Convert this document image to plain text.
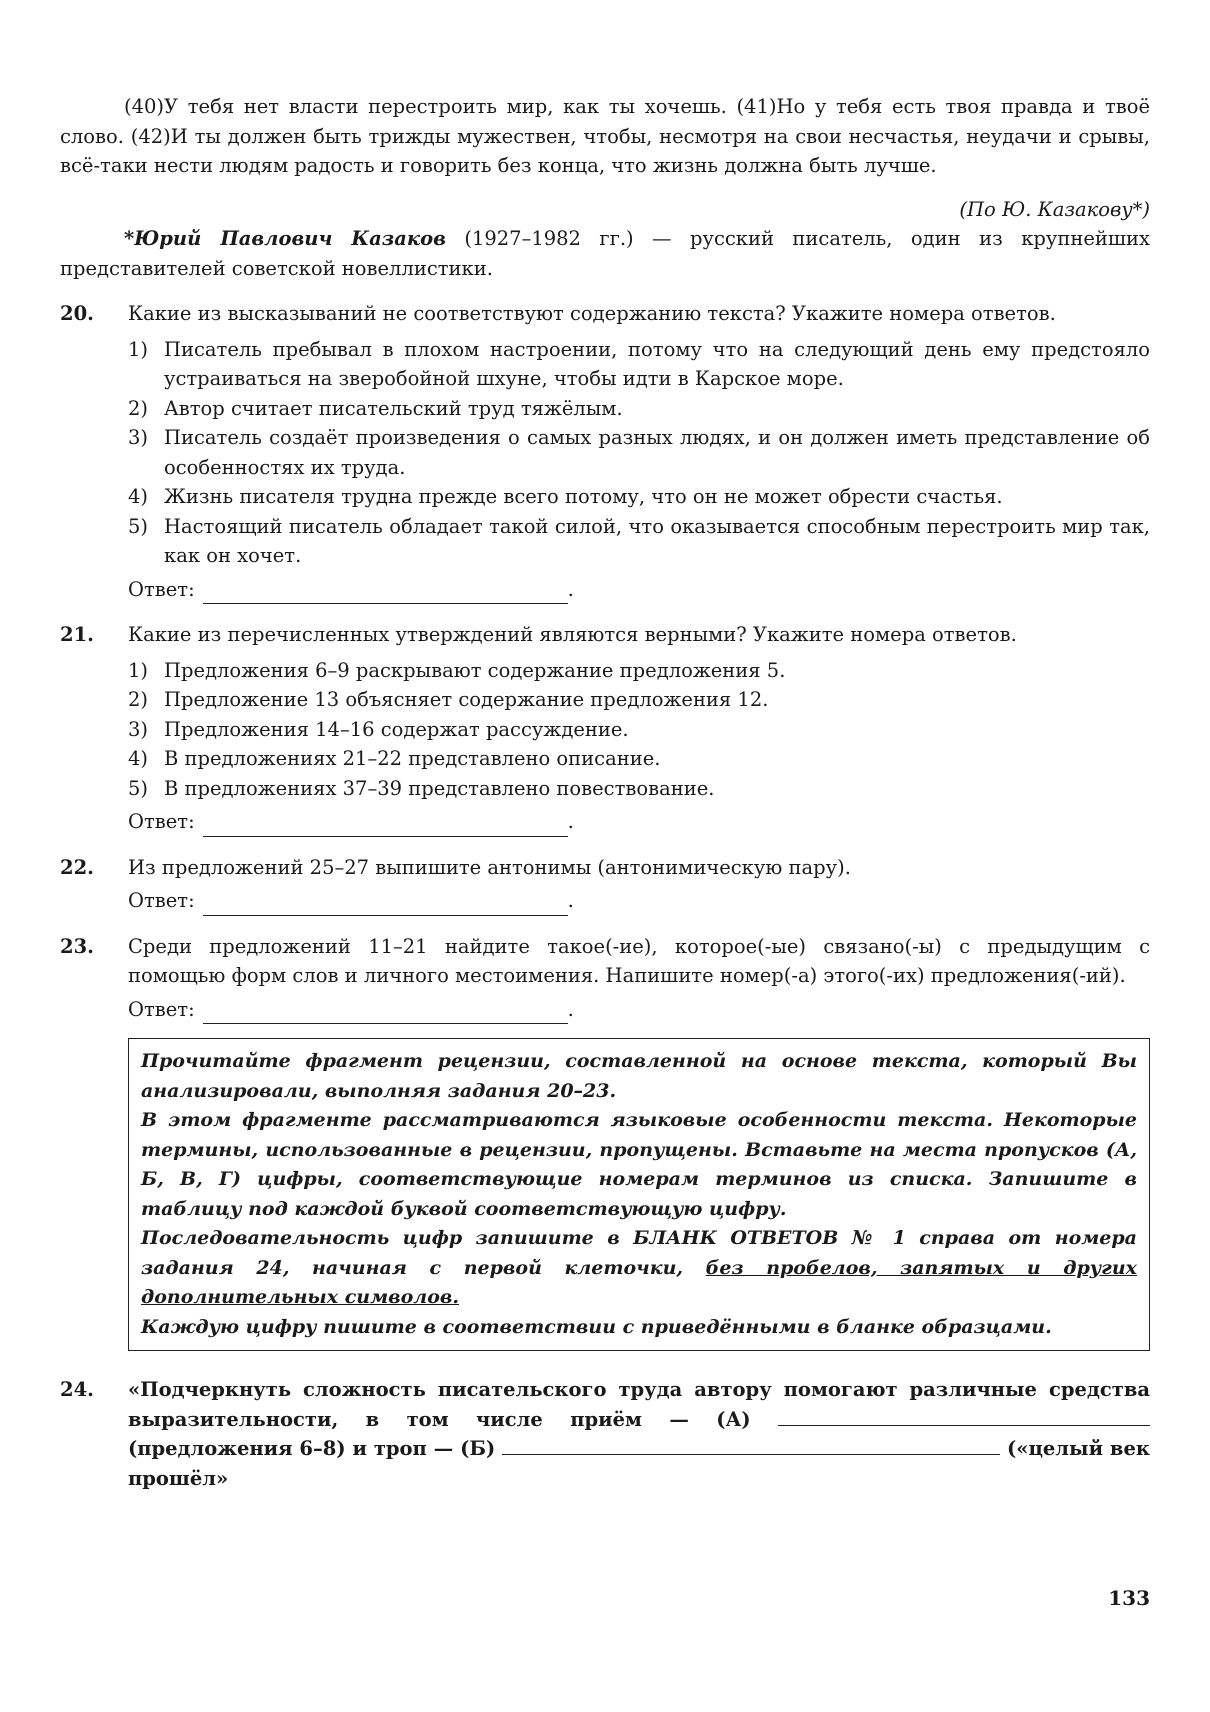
(40)У тебя нет власти перестроить мир, как ты хочешь. (41)Но у тебя есть твоя правда и твоё слово. (42)И ты должен быть трижды мужествен, чтобы, несмотря на свои несчастья, неудачи и срывы, всё-таки нести людям радость и говорить без конца, что жизнь должна быть лучше.

(По Ю. Казакову*)

*Юрий Павлович Казаков (1927–1982 гг.) — русский писатель, один из крупнейших представителей советской новеллистики.

20. Какие из высказываний не соответствуют содержанию текста? Укажите номера ответов.

1) Писатель пребывал в плохом настроении, потому что на следующий день ему предстояло устраиваться на зверобойной шхуне, чтобы идти в Карское море.
2) Автор считает писательский труд тяжёлым.
3) Писатель создаёт произведения о самых разных людях, и он должен иметь представление об особенностях их труда.
4) Жизнь писателя трудна прежде всего потому, что он не может обрести счастья.
5) Настоящий писатель обладает такой силой, что оказывается способным перестроить мир так, как он хочет.

Ответ:	.

21. Какие из перечисленных утверждений являются верными? Укажите номера ответов.

1) Предложения 6–9 раскрывают содержание предложения 5.
2) Предложение 13 объясняет содержание предложения 12.
3) Предложения 14–16 содержат рассуждение.
4) В предложениях 21–22 представлено описание.
5) В предложениях 37–39 представлено повествование.

Ответ:	.

22. Из предложений 25–27 выпишите антонимы (антонимическую пару).

Ответ:	.

23. Среди предложений 11–21 найдите такое(-ие), которое(-ые) связано(-ы) с предыдущим с помощью форм слов и личного местоимения. Напишите номер(-а) этого(-их) предложения(-ий).

Ответ:	.

Прочитайте фрагмент рецензии, составленной на основе текста, который Вы анализировали, выполняя задания 20–23.

В этом фрагменте рассматриваются языковые особенности текста. Некоторые термины, использованные в рецензии, пропущены. Вставьте на места пропусков (А, Б, В, Г) цифры, соответствующие номерам терминов из списка. Запишите в таблицу под каждой буквой соответствующую цифру.

Последовательность цифр запишите в БЛАНК ОТВЕТОВ № 1 справа от номера задания 24, начиная с первой клеточки, без пробелов, запятых и других дополнительных символов.

Каждую цифру пишите в соответствии с приведёнными в бланке образцами.

24. «Подчеркнуть сложность писательского труда автору помогают различные средства выразительности, в том числе приём — (А)  (предложения 6–8) и троп — (Б)	(«целый век прошёл»

133
